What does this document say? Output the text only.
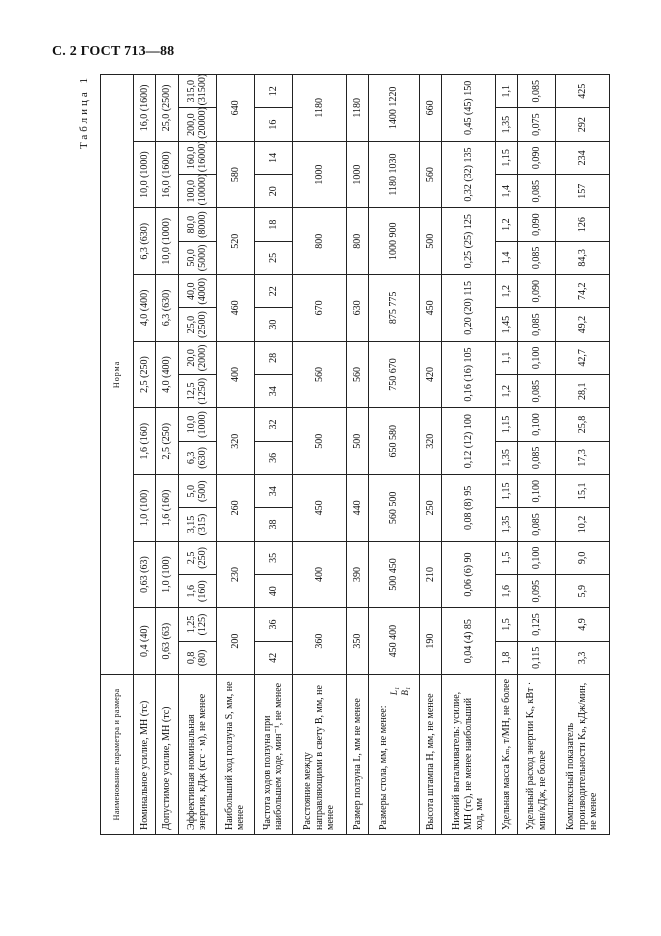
С. 2 ГОСТ 713—88
Таблица 1
Наименование параметра и размера	Норма																	
Номинальное усилие, МН (тс)	0,4 (40)		0,63 (63)		1,0 (100)		1,6 (160)		2,5 (250)		4,0 (400)		6,3 (630)		10,0 (1000)		16,0 (1600)	
Допустимое усилие, МН (тс)	0,63 (63)		1,0 (100)		1,6 (160)		2,5 (250)		4,0 (400)		6,3 (630)		10,0 (1000)		16,0 (1600)		25,0 (2500)	
Эффективная номинальная энергия, кДж (кгс · м), не менее	0,8 (80)	1,25 (125)	1,6 (160)	2,5 (250)	3,15 (315)	5,0 (500)	6,3 (630)	10,0 (1000)	12,5 (1250)	20,0 (2000)	25,0 (2500)	40,0 (4000)	50,0 (5000)	80,0 (8000)	100,0 (10000)	160,0 (16000)	200,0 (20000)	315,0 (31500)
Наибольший ход ползуна S, мм, не менее	200		230		260		320		400		460		520		580		640	
Частота ходов ползуна при наибольшем ходе, мин⁻¹, не менее	42	36	40	35	38	34	36	32	34	28	30	22	25	18	20	14	16	12
Расстояние между направляющими в свету B, мм, не менее	360		400		450		500		560		670		800		1000		1180	
Размер ползуна L, мм не менее	350		390		440		500		560		630		800		1000		1180	
Размеры стола, мм, не менее:
L₁ B₁	450 400		500 450		560 500		650 580		750 670		875 775		1000 900		1180 1030		1400 1220	
Высота штампа H, мм, не менее	190		210		250		320		420		450		500		560		660	
Нижний выталкиватель: усилие, МН (тс), не менее наибольший ход, мм	0,04 (4) 85		0,06 (6) 90		0,08 (8) 95		0,12 (12) 100		0,16 (16) 105		0,20 (20) 115		0,25 (25) 125		0,32 (32) 135		0,45 (45) 150	
Удельная масса Kₘ, т/МН, не более	1,8	1,5	1,6	1,5	1,35	1,15	1,35	1,15	1,2	1,1	1,45	1,2	1,4	1,2	1,4	1,15	1,35	1,1
Удельный расход энергии Kₑ, кВт · мин/кДж, не более	0,115	0,125	0,095	0,100	0,085	0,100	0,085	0,100	0,085	0,100	0,085	0,090	0,085	0,090	0,085	0,090	0,075	0,085
Комплексный показатель производительности Kₚ, кДж/мин, не менее	3,3	4,9	5,9	9,0	10,2	15,1	17,3	25,8	28,1	42,7	49,2	74,2	84,3	126	157	234	292	425
